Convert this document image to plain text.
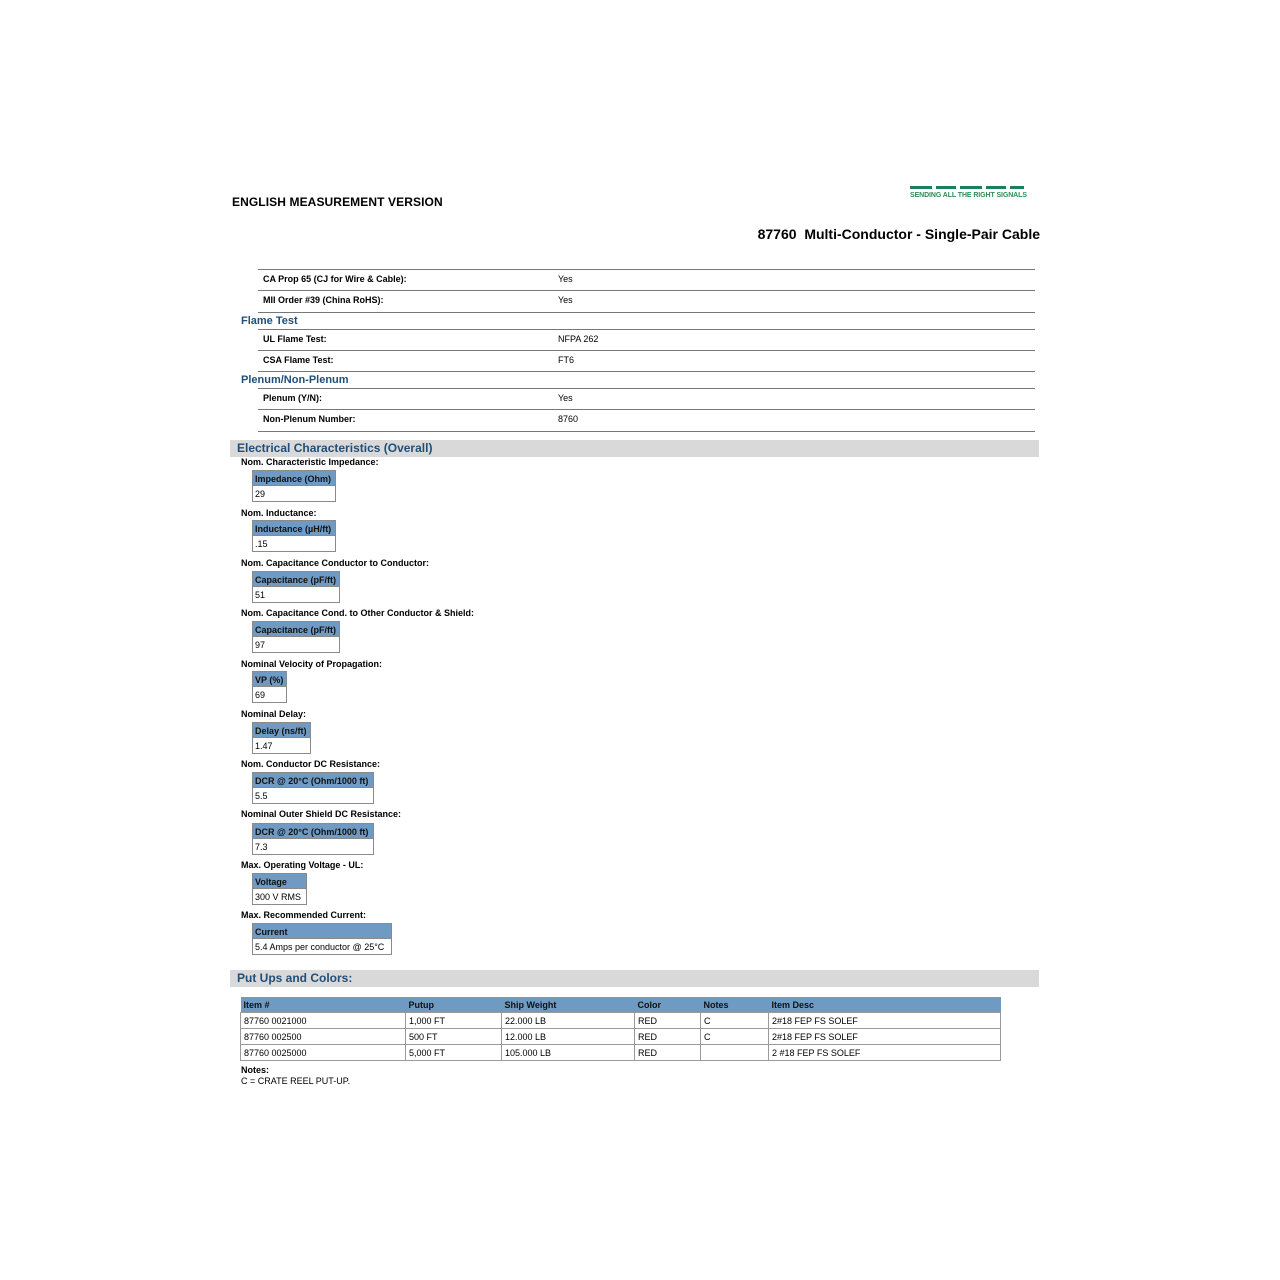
ENGLISH MEASUREMENT VERSION	SENDING ALL THE RIGHT SIGNALS
87760  Multi-Conductor - Single-Pair Cable
CA Prop 65 (CJ for Wire & Cable):	Yes
MII Order #39 (China RoHS):	Yes
Flame Test
UL Flame Test:	NFPA 262
CSA Flame Test:	FT6
Plenum/Non-Plenum
Plenum (Y/N):	Yes
Non-Plenum Number:	8760
Electrical Characteristics (Overall)
Nom. Characteristic Impedance:
Impedance (Ohm)
29
Nom. Inductance:
Inductance (µH/ft)
.15
Nom. Capacitance Conductor to Conductor:
Capacitance (pF/ft)
51
Nom. Capacitance Cond. to Other Conductor & Shield:
Capacitance (pF/ft)
97
Nominal Velocity of Propagation:
VP (%)
69
Nominal Delay:
Delay (ns/ft)
1.47
Nom. Conductor DC Resistance:
DCR @ 20°C (Ohm/1000 ft)
5.5
Nominal Outer Shield DC Resistance:
DCR @ 20°C (Ohm/1000 ft)
7.3
Max. Operating Voltage - UL:
Voltage
300 V RMS
Max. Recommended Current:
Current
5.4 Amps per conductor @ 25°C
Put Ups and Colors:
Item #	Putup	Ship Weight	Color	Notes	Item Desc
87760 0021000	1,000 FT	22.000 LB	RED	C	2#18 FEP FS SOLEF
87760 002500	500 FT	12.000 LB	RED	C	2#18 FEP FS SOLEF
87760 0025000	5,000 FT	105.000 LB	RED		2 #18 FEP FS SOLEF
Notes:
C = CRATE REEL PUT-UP.
